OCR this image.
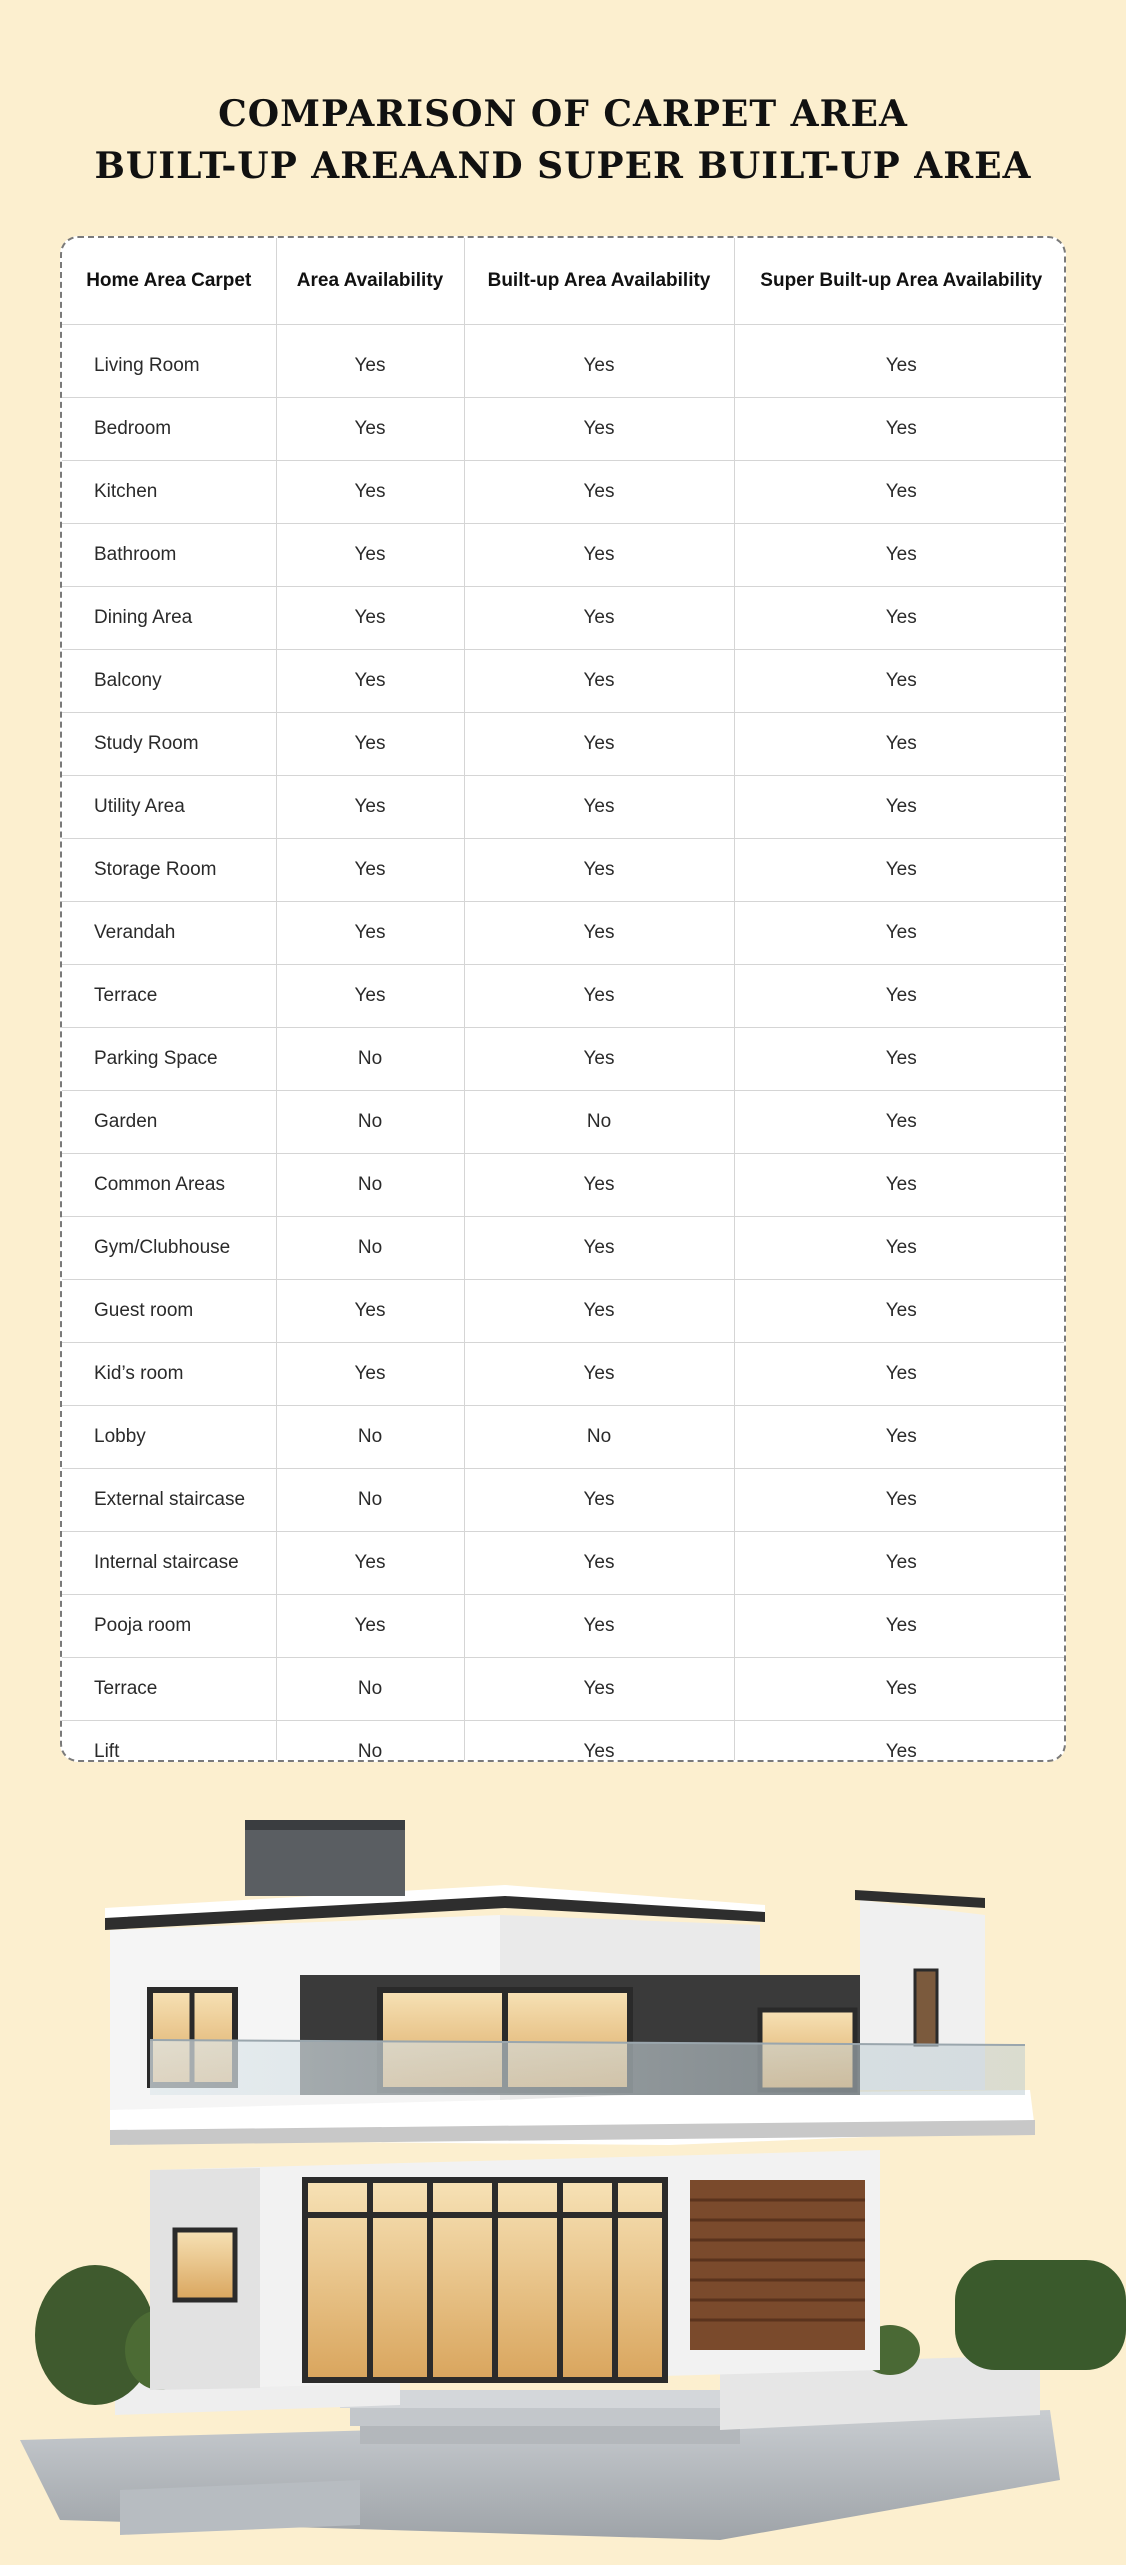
COMPARISON OF CARPET AREA
BUILT-UP AREAAND SUPER BUILT-UP AREA
Home Area Carpet	Area Availability	Built-up Area Availability	Super Built-up Area Availability

Living Room	Yes	Yes	Yes
Bedroom	Yes	Yes	Yes
Kitchen	Yes	Yes	Yes
Bathroom	Yes	Yes	Yes
Dining Area	Yes	Yes	Yes
Balcony	Yes	Yes	Yes
Study Room	Yes	Yes	Yes
Utility Area	Yes	Yes	Yes
Storage Room	Yes	Yes	Yes
Verandah	Yes	Yes	Yes
Terrace	Yes	Yes	Yes
Parking Space	No	Yes	Yes
Garden	No	No	Yes
Common Areas	No	Yes	Yes
Gym/Clubhouse	No	Yes	Yes
Guest room	Yes	Yes	Yes
Kid’s room	Yes	Yes	Yes
Lobby	No	No	Yes
External staircase	No	Yes	Yes
Internal staircase	Yes	Yes	Yes
Pooja room	Yes	Yes	Yes
Terrace	No	Yes	Yes
Lift	No	Yes	Yes
